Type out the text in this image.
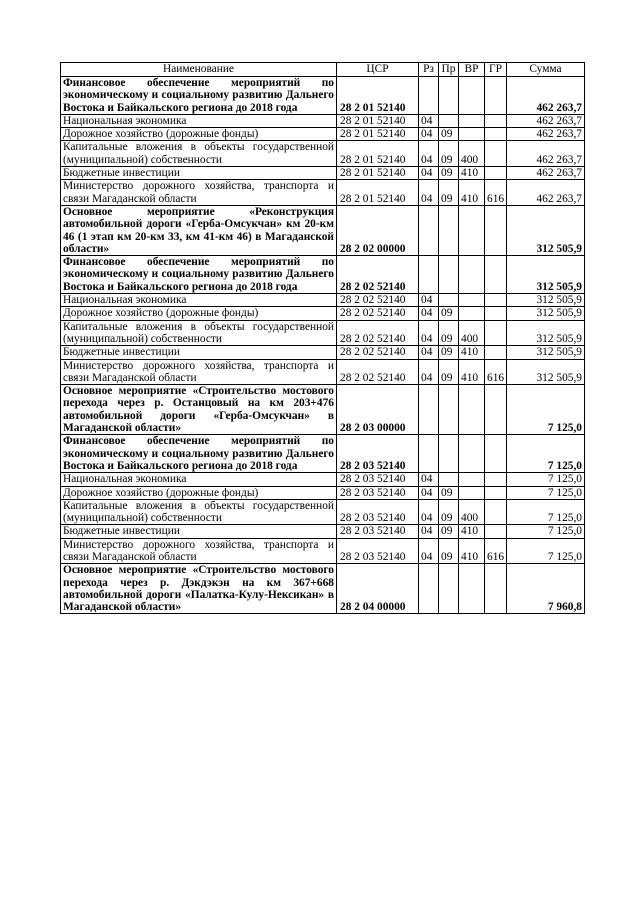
Наименование	ЦСР	Рз	Пр	ВР	ГР	Сумма
Финансовое обеспечение мероприятий по экономическому и социальному развитию Дальнего Востока и Байкальского региона до 2018 года	28 2 01 52140					462 263,7
Национальная экономика	28 2 01 52140	04				462 263,7
Дорожное хозяйство (дорожные фонды)	28 2 01 52140	04	09			462 263,7
Капитальные вложения в объекты государственной (муниципальной) собственности	28 2 01 52140	04	09	400		462 263,7
Бюджетные инвестиции	28 2 01 52140	04	09	410		462 263,7
Министерство дорожного хозяйства, транспорта и связи Магаданской области	28 2 01 52140	04	09	410	616	462 263,7
Основное мероприятие «Реконструкция автомобильной дороги «Герба-Омсукчан» км 20-км 46 (1 этап км 20-км 33, км 41-км 46) в Магаданской области»	28 2 02 00000					312 505,9
Финансовое обеспечение мероприятий по экономическому и социальному развитию Дальнего Востока и Байкальского региона до 2018 года	28 2 02 52140					312 505,9
Национальная экономика	28 2 02 52140	04				312 505,9
Дорожное хозяйство (дорожные фонды)	28 2 02 52140	04	09			312 505,9
Капитальные вложения в объекты государственной (муниципальной) собственности	28 2 02 52140	04	09	400		312 505,9
Бюджетные инвестиции	28 2 02 52140	04	09	410		312 505,9
Министерство дорожного хозяйства, транспорта и связи Магаданской области	28 2 02 52140	04	09	410	616	312 505,9
Основное мероприятие «Строительство мостового перехода через р. Останцовый на км 203+476 автомобильной дороги «Герба-Омсукчан» в Магаданской области»	28 2 03 00000					7 125,0
Финансовое обеспечение мероприятий по экономическому и социальному развитию Дальнего Востока и Байкальского региона до 2018 года	28 2 03 52140					7 125,0
Национальная экономика	28 2 03 52140	04				7 125,0
Дорожное хозяйство (дорожные фонды)	28 2 03 52140	04	09			7 125,0
Капитальные вложения в объекты государственной (муниципальной) собственности	28 2 03 52140	04	09	400		7 125,0
Бюджетные инвестиции	28 2 03 52140	04	09	410		7 125,0
Министерство дорожного хозяйства, транспорта и связи Магаданской области	28 2 03 52140	04	09	410	616	7 125,0
Основное мероприятие «Строительство мостового перехода через р. Дэкдэкэн на км 367+668 автомобильной дороги «Палатка-Кулу-Нексикан» в Магаданской области»	28 2 04 00000					7 960,8
